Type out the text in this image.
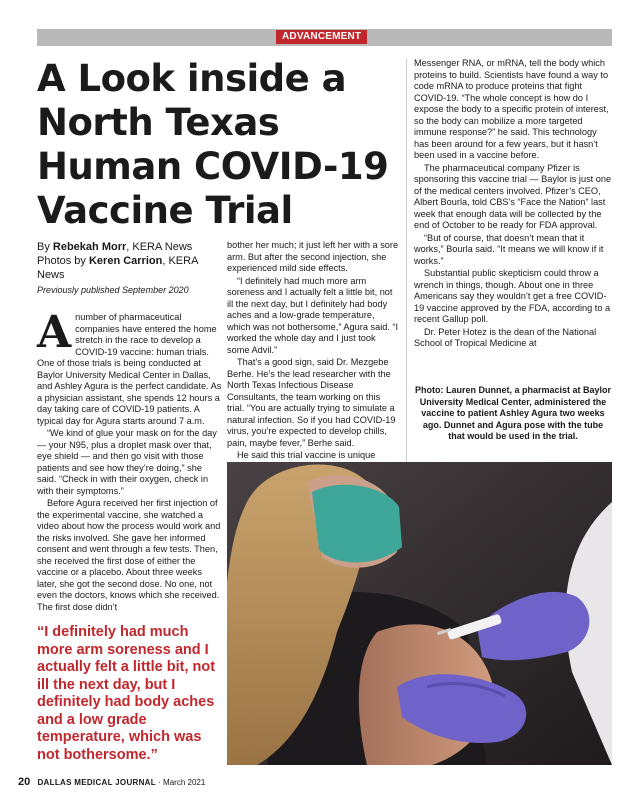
ADVANCEMENT
A Look inside a North Texas Human COVID-19 Vaccine Trial
By Rebekah Morr, KERA News
Photos by Keren Carrion, KERA News
Previously published September 2020

Anumber of pharmaceutical companies have entered the home stretch in the race to develop a COVID-19 vaccine: human trials. One of those trials is being conducted at Baylor University Medical Center in Dallas, and Ashley Agura is the perfect candidate. As a physician assistant, she spends 12 hours a day taking care of COVID-19 patients. A typical day for Agura starts around 7 a.m.

“We kind of glue your mask on for the day — your N95, plus a droplet mask over that, eye shield — and then go visit with those patients and see how they’re doing,” she said. “Check in with their oxygen, check in with their symptoms.”

Before Agura received her first injection of the experimental vaccine, she watched a video about how the process would work and the risks involved. She gave her informed consent and went through a few tests. Then, she received the first dose of either the vaccine or a placebo. About three weeks later, she got the second dose. No one, not even the doctors, knows which she received. The first dose didn’t

bother her much; it just left her with a sore arm. But after the second injection, she experienced mild side effects.

“I definitely had much more arm soreness and I actually felt a little bit, not ill the next day, but I definitely had body aches and a low-grade temperature, which was not bothersome,” Agura said. “I worked the whole day and I just took some Advil.”

That’s a good sign, said Dr. Mezgebe Berhe. He’s the lead researcher with the North Texas Infectious Disease Consultants, the team working on this trial. “You are actually trying to simulate a natural infection. So if you had COVID-19 virus, you’re expected to develop chills, pain, maybe fever,” Berhe said.

He said this trial vaccine is unique

Messenger RNA, or mRNA, tell the body which proteins to build. Scientists have found a way to code mRNA to produce proteins that fight COVID-19. “The whole concept is how do I expose the body to a specific protein of interest, so the body can mobilize a more targeted immune response?” he said. This technology has been around for a few years, but it hasn’t been used in a vaccine before.

The pharmaceutical company Pfizer is sponsoring this vaccine trial — Baylor is just one of the medical centers involved. Pfizer’s CEO, Albert Bourla, told CBS’s “Face the Nation” last week that enough data will be collected by the end of October to be ready for FDA approval.

“But of course, that doesn’t mean that it works,” Bourla said. “It means we will know if it works.”

Substantial public skepticism could throw a wrench in things, though. About one in three Americans say they wouldn’t get a free COVID-19 vaccine approved by the FDA, according to a recent Gallup poll.

Dr. Peter Hotez is the dean of the National School of Tropical Medicine at

Photo: Lauren Dunnet, a pharmacist at Baylor University Medical Center, administered the vaccine to patient Ashley Agura two weeks ago. Dunnet and Agura pose with the tube that would be used in the trial.
“I definitely had much more arm soreness and I actually felt a little bit, not ill the next day, but I definitely had body aches and a low grade temperature, which was not bothersome.”
20 DALLAS MEDICAL JOURNAL · March 2021
